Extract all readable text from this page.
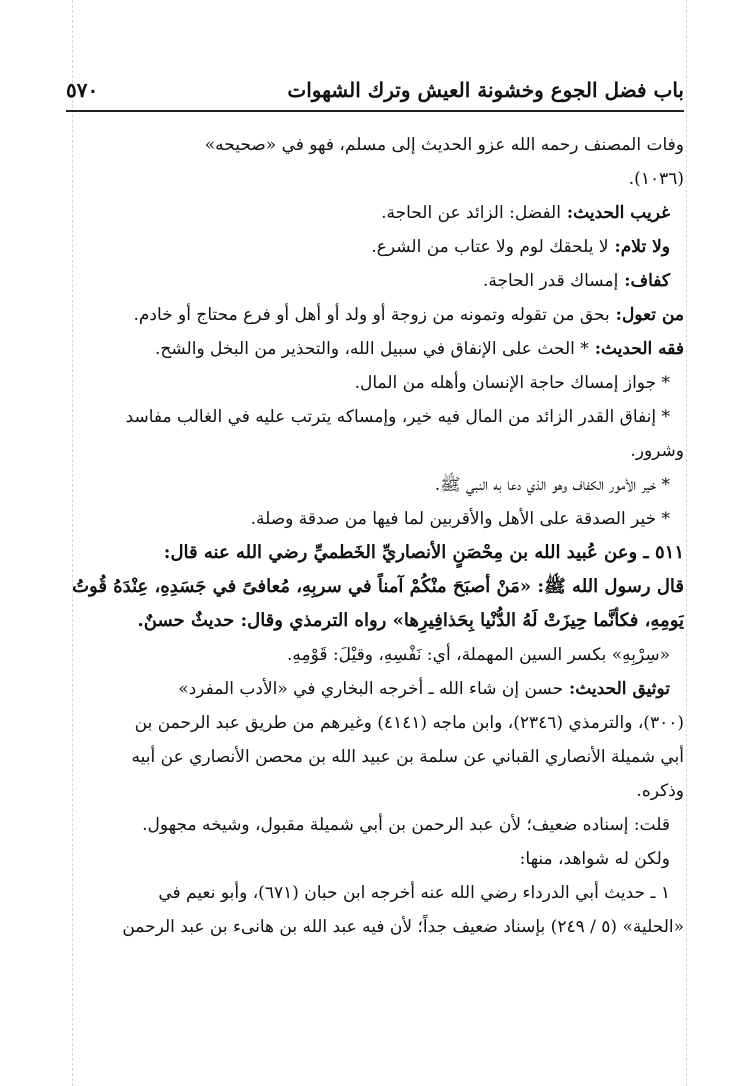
باب فضل الجوع وخشونة العيش وترك الشهوات
٥٧٠
وفات المصنف رحمه الله عزو الحديث إلى مسلم، فهو في «صحيحه»
(١٠٣٦).
غريب الحديث: الفضل: الزائد عن الحاجة.
ولا تلام: لا يلحقك لوم ولا عتاب من الشرع.
كفاف: إمساك قدر الحاجة.
من تعول: بحق من تقوله وتمونه من زوجة أو ولد أو أهل أو فرع محتاج أو خادم.
فقه الحديث: * الحث على الإنفاق في سبيل الله، والتحذير من البخل والشح.
* جواز إمساك حاجة الإنسان وأهله من المال.
* إنفاق القدر الزائد من المال فيه خير، وإمساكه يترتب عليه في الغالب مفاسد
وشرور.
* خير الأمور الكفاف وهو الذي دعا به النبي ﷺ.
* خير الصدقة على الأهل والأقربين لما فيها من صدقة وصلة.
٥١١ ـ وعن عُبيد الله بن مِحْصَنٍ الأنصاريِّ الخَطميِّ رضي الله عنه قال:
قال رسول الله ﷺ: «مَنْ أصبَحَ منْكُمْ آمناً في سربِهِ، مُعافىً في جَسَدِهِ، عِنْدَهُ قُوتُ
يَومِهِ، فكأنَّما حِيزَتْ لَهُ الدُّنْيا بِحَذافِيرِها» رواه الترمذي وقال: حديثٌ حسنٌ.
«سِرْبِهِ» بكسر السين المهملة، أي: نَفْسِهِ، وقيْلَ: قَوْمِهِ.
توثيق الحديث: حسن إن شاء الله ـ أخرجه البخاري في «الأدب المفرد»
(٣٠٠)، والترمذي (٢٣٤٦)، وابن ماجه (٤١٤١) وغيرهم من طريق عبد الرحمن بن
أبي شميلة الأنصاري القباني عن سلمة بن عبيد الله بن محصن الأنصاري عن أبيه
وذكره.
قلت: إسناده ضعيف؛ لأن عبد الرحمن بن أبي شميلة مقبول، وشيخه مجهول.
ولكن له شواهد، منها:
١ ـ حديث أبي الدرداء رضي الله عنه أخرجه ابن حبان (٦٧١)، وأبو نعيم في
«الحلية» (٥ / ٢٤٩) بإسناد ضعيف جداً؛ لأن فيه عبد الله بن هانىء بن عبد الرحمن
